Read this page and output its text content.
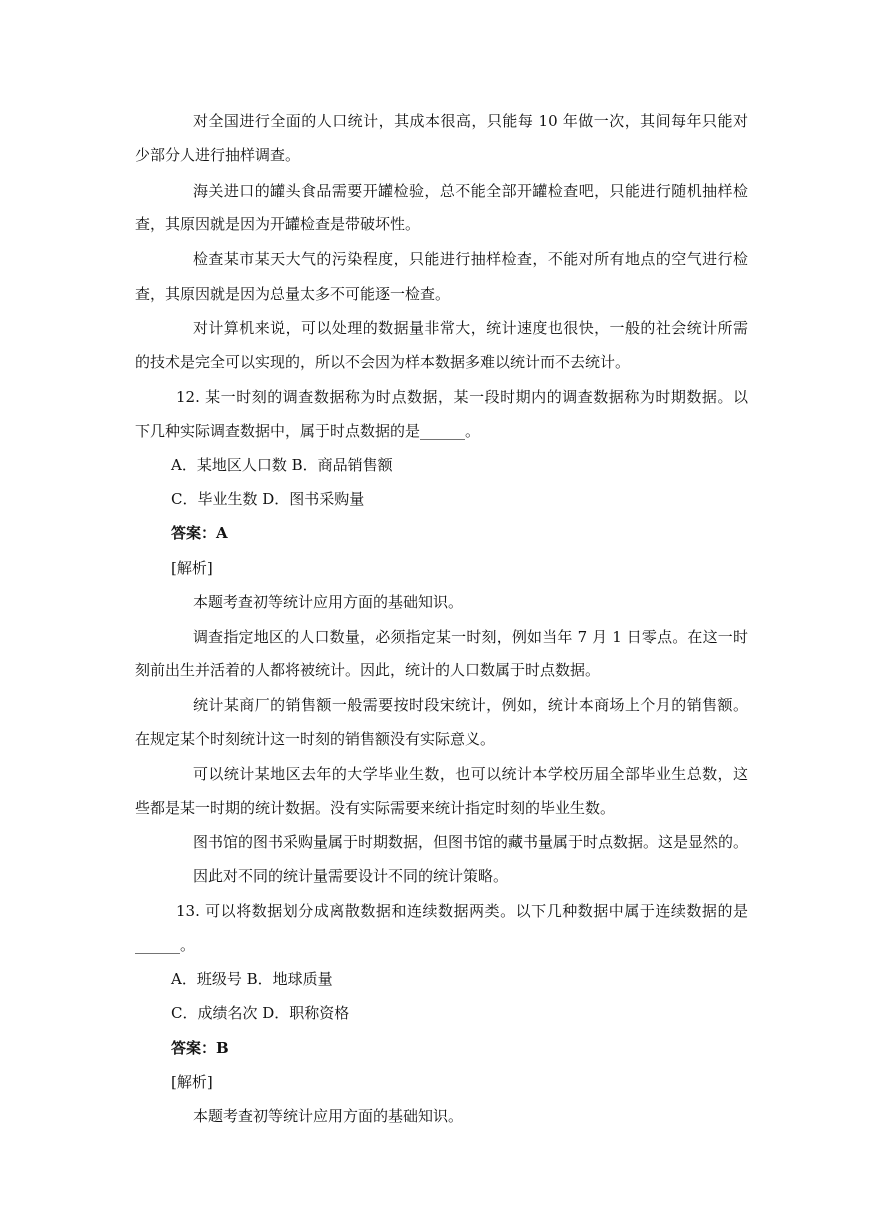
对全国进行全面的人口统计，其成本很高，只能每 10 年做一次，其间每年只能对
少部分人进行抽样调查。
海关进口的罐头食品需要开罐检验，总不能全部开罐检查吧，只能进行随机抽样检
查，其原因就是因为开罐检查是带破坏性。
检查某市某天大气的污染程度，只能进行抽样检查，不能对所有地点的空气进行检
查，其原因就是因为总量太多不可能逐一检查。
对计算机来说，可以处理的数据量非常大，统计速度也很快，一般的社会统计所需
的技术是完全可以实现的，所以不会因为样本数据多难以统计而不去统计。
12. 某一时刻的调查数据称为时点数据，某一段时期内的调查数据称为时期数据。以
下几种实际调查数据中，属于时点数据的是______。
A．某地区人口数 B．商品销售额
C．毕业生数 D．图书采购量
答案：A
[解析]
本题考查初等统计应用方面的基础知识。
调查指定地区的人口数量，必须指定某一时刻，例如当年 7 月 1 日零点。在这一时
刻前出生并活着的人都将被统计。因此，统计的人口数属于时点数据。
统计某商厂的销售额一般需要按时段宋统计，例如，统计本商场上个月的销售额。
在规定某个时刻统计这一时刻的销售额没有实际意义。
可以统计某地区去年的大学毕业生数，也可以统计本学校历届全部毕业生总数，这
些都是某一时期的统计数据。没有实际需要来统计指定时刻的毕业生数。
图书馆的图书采购量属于时期数据，但图书馆的藏书量属于时点数据。这是显然的。
因此对不同的统计量需要设计不同的统计策略。
13. 可以将数据划分成离散数据和连续数据两类。以下几种数据中属于连续数据的是
______。
A．班级号 B．地球质量
C．成绩名次 D．职称资格
答案：B
[解析]
本题考查初等统计应用方面的基础知识。
